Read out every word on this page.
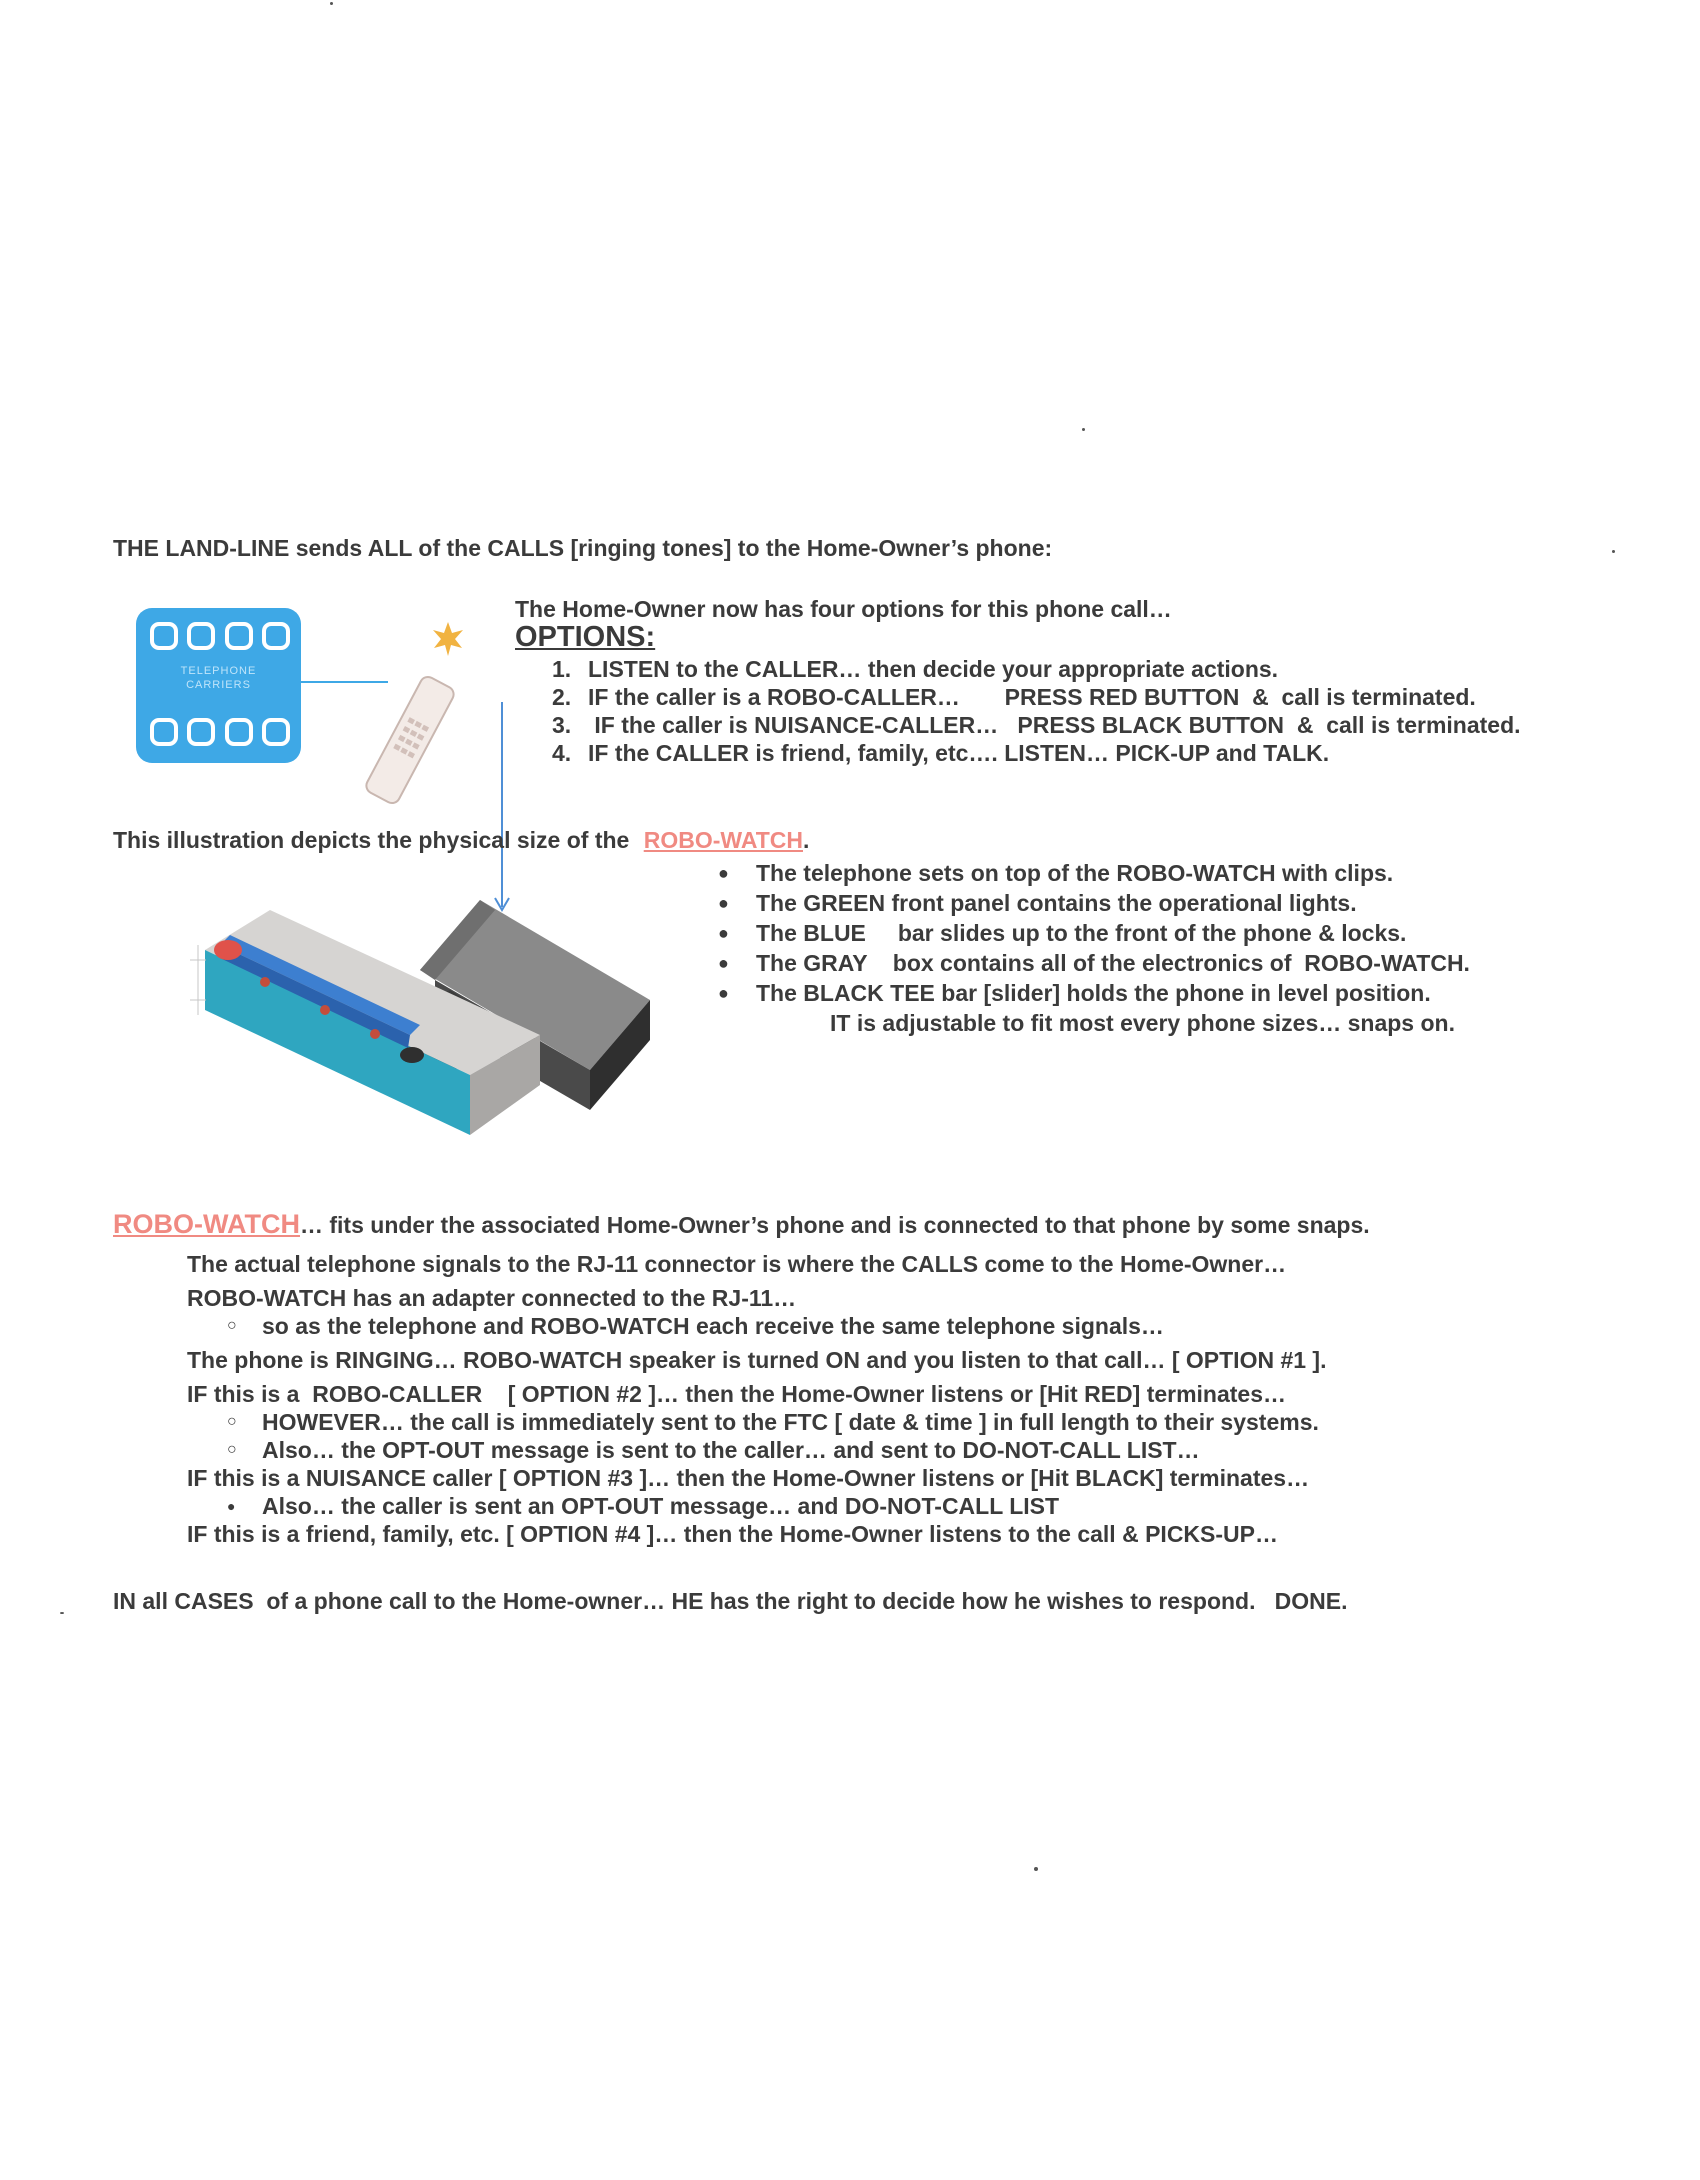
THE LAND-LINE sends ALL of the CALLS [ringing tones] to the Home-Owner’s phone:
TELEPHONE
CARRIERS
The Home-Owner now has four options for this phone call…
OPTIONS:
1. LISTEN to the CALLER… then decide your appropriate actions.
2. IF the caller is a ROBO-CALLER…       PRESS RED BUTTON  &  call is terminated.
3. IF the caller is NUISANCE-CALLER…   PRESS BLACK BUTTON  &  call is terminated.
4. IF the CALLER is friend, family, etc…. LISTEN… PICK-UP and TALK.
This illustration depicts the physical size of the ROBO-WATCH.
● The telephone sets on top of the ROBO-WATCH with clips.
● The GREEN front panel contains the operational lights.
● The BLUE     bar slides up to the front of the phone & locks.
● The GRAY    box contains all of the electronics of  ROBO-WATCH.
● The BLACK TEE bar [slider] holds the phone in level position.
IT is adjustable to fit most every phone sizes… snaps on.
ROBO-WATCH… fits under the associated Home-Owner’s phone and is connected to that phone by some snaps.
The actual telephone signals to the RJ-11 connector is where the CALLS come to the Home-Owner…
ROBO-WATCH has an adapter connected to the RJ-11…
○ so as the telephone and ROBO-WATCH each receive the same telephone signals…
The phone is RINGING… ROBO-WATCH speaker is turned ON and you listen to that call… [ OPTION #1 ].
IF this is a  ROBO-CALLER    [ OPTION #2 ]… then the Home-Owner listens or [Hit RED] terminates…
○ HOWEVER… the call is immediately sent to the FTC [ date & time ] in full length to their systems.
○ Also… the OPT-OUT message is sent to the caller… and sent to DO-NOT-CALL LIST…
IF this is a NUISANCE caller [ OPTION #3 ]… then the Home-Owner listens or [Hit BLACK] terminates…
● Also… the caller is sent an OPT-OUT message… and DO-NOT-CALL LIST
IF this is a friend, family, etc. [ OPTION #4 ]… then the Home-Owner listens to the call & PICKS-UP…
IN all CASES  of a phone call to the Home-owner… HE has the right to decide how he wishes to respond.   DONE.
